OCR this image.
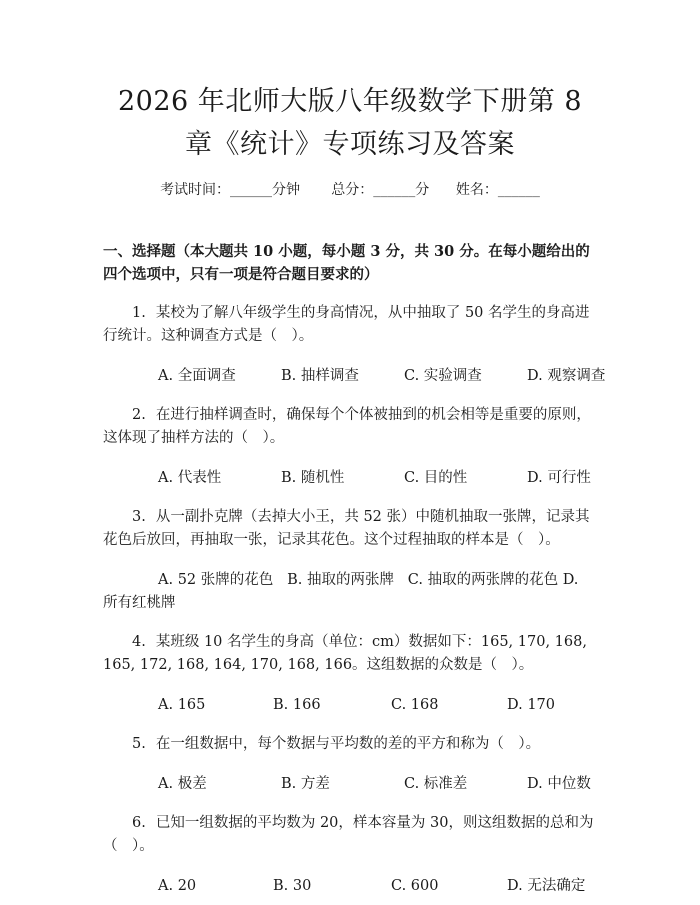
2026 年北师大版八年级数学下册第 8 章《统计》专项练习及答案
考试时间：______分钟 总分：______分 姓名：______
一、选择题（本大题共 10 小题，每小题 3 分，共 30 分。在每小题给出的四个选项中，只有一项是符合题目要求的）
1. 某校为了解八年级学生的身高情况，从中抽取了 50 名学生的身高进行统计。这种调查方式是（　）。
A. 全面调查	B. 抽样调查	C. 实验调查	D. 观察调查
2. 在进行抽样调查时，确保每个个体被抽到的机会相等是重要的原则，这体现了抽样方法的（　）。
A. 代表性	B. 随机性	C. 目的性	D. 可行性
3. 从一副扑克牌（去掉大小王，共 52 张）中随机抽取一张牌，记录其花色后放回，再抽取一张，记录其花色。这个过程抽取的样本是（　）。
A. 52 张牌的花色 B. 抽取的两张牌 C. 抽取的两张牌的花色 D. 所有红桃牌
4. 某班级 10 名学生的身高（单位：cm）数据如下：165, 170, 168, 165, 172, 168, 164, 170, 168, 166。这组数据的众数是（　）。
A. 165	B. 166	C. 168	D. 170
5. 在一组数据中，每个数据与平均数的差的平方和称为（　）。
A. 极差	B. 方差	C. 标准差	D. 中位数
6. 已知一组数据的平均数为 20，样本容量为 30，则这组数据的总和为（　）。
A. 20	B. 30	C. 600	D. 无法确定
